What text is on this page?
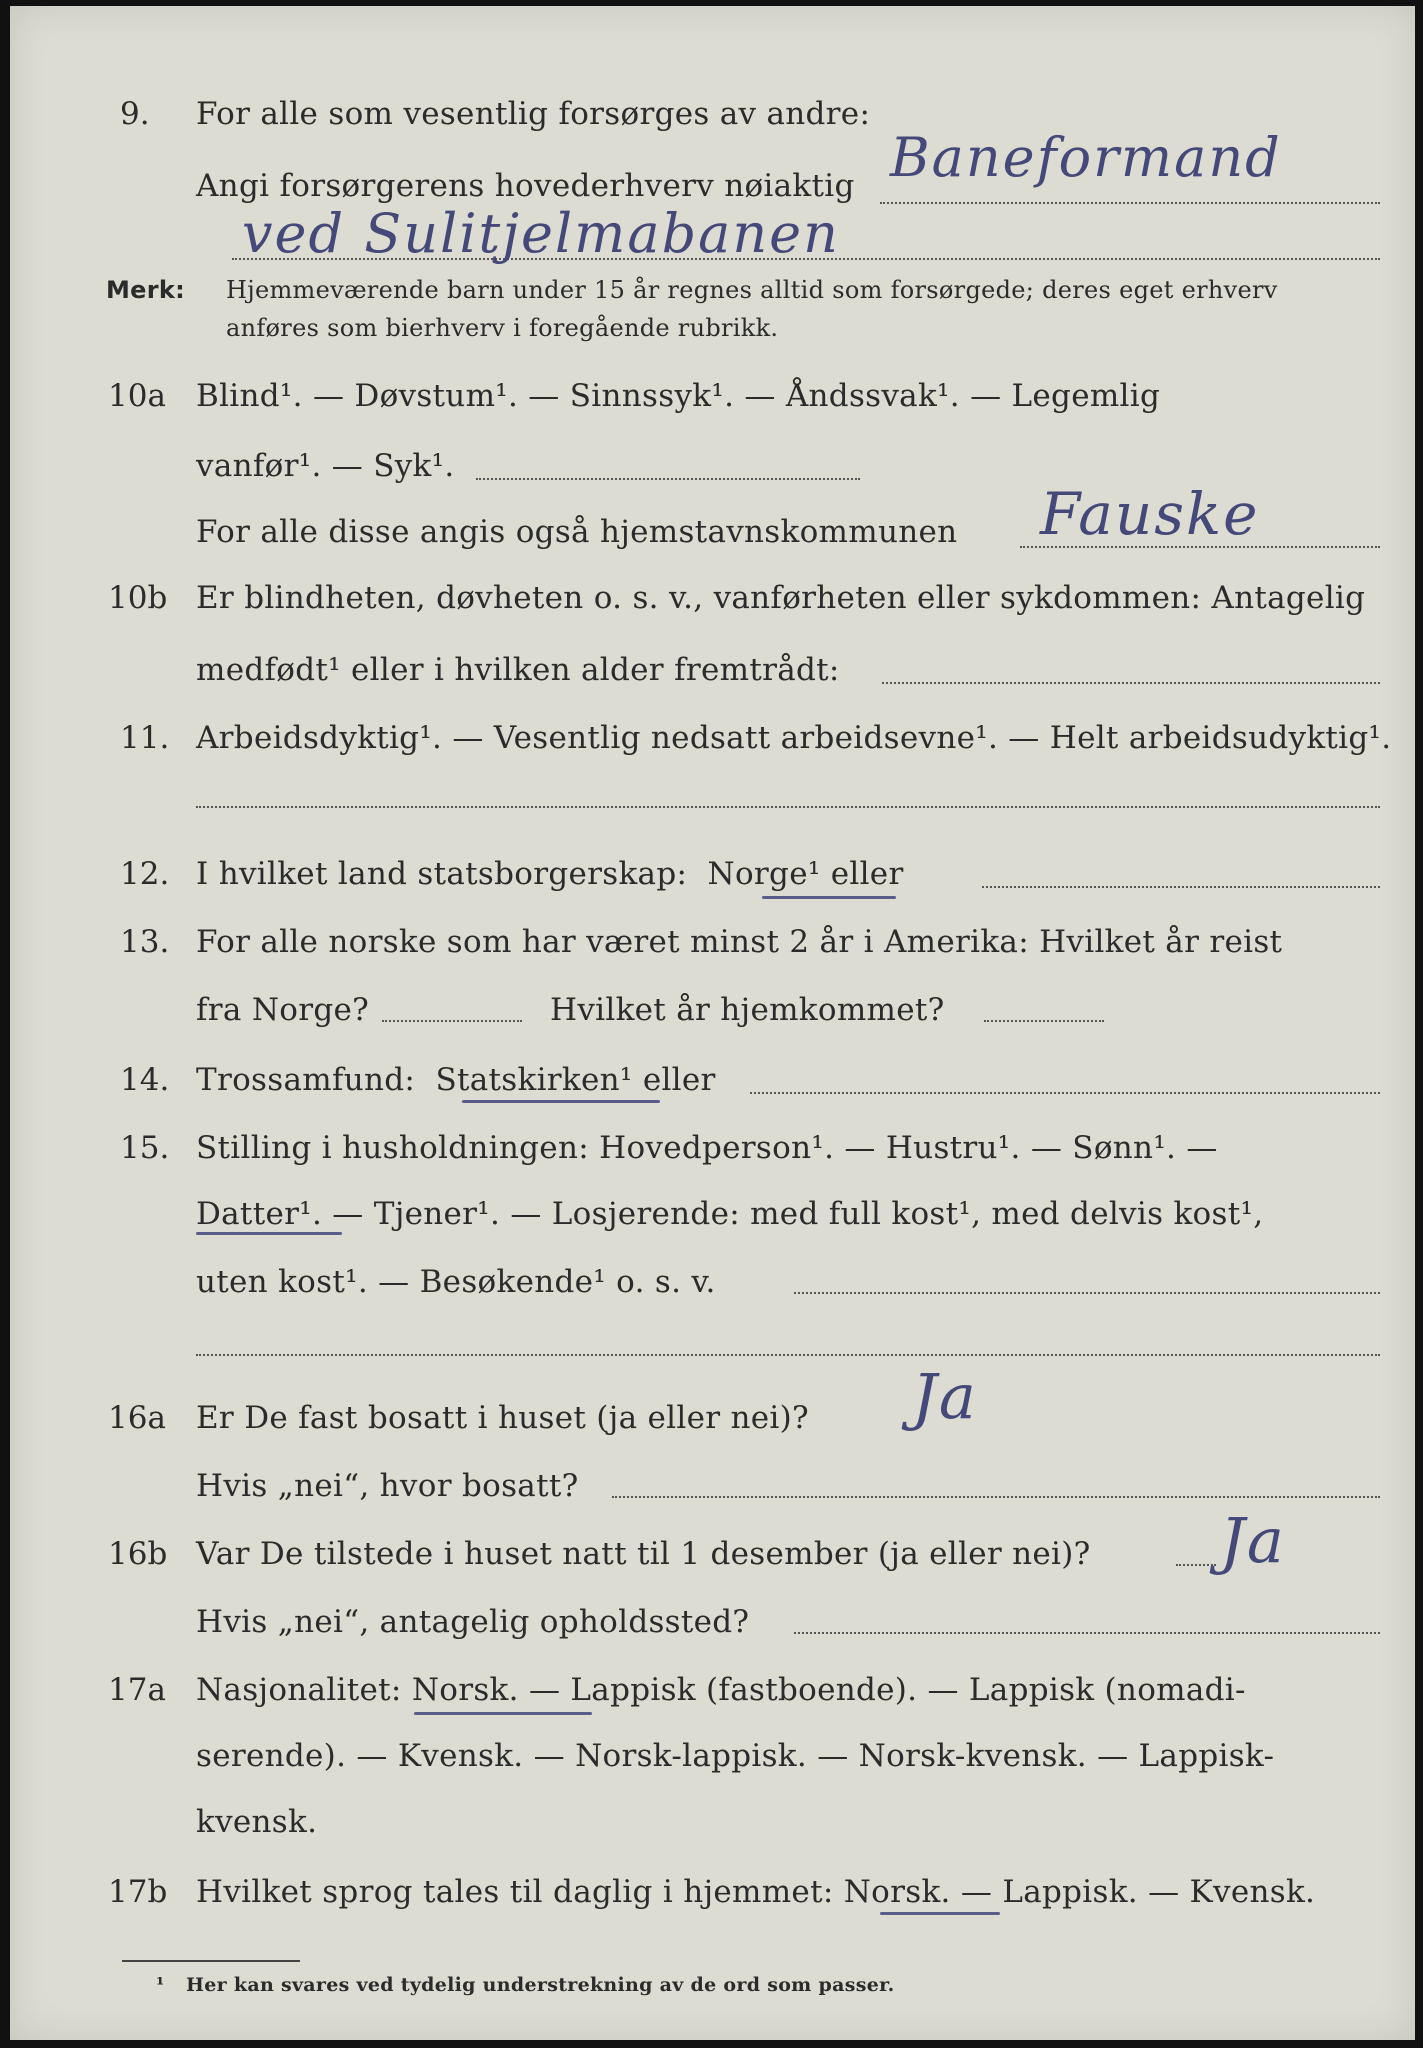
9. For alle som vesentlig forsørges av andre:
Angi forsørgerens hovederhverv nøiaktig Baneformand
ved Sulitjelmabanen
Merk: Hjemmeværende barn under 15 år regnes alltid som forsørgede; deres eget erhverv
anføres som bierhverv i foregående rubrikk.
10a Blind¹. — Døvstum¹. — Sinnssyk¹. — Åndssvak¹. — Legemlig
vanfør¹. — Syk¹.
For alle disse angis også hjemstavnskommunen Fauske
10b Er blindheten, døvheten o. s. v., vanførheten eller sykdommen: Antagelig
medfødt¹ eller i hvilken alder fremtrådt:
11. Arbeidsdyktig¹. — Vesentlig nedsatt arbeidsevne¹. — Helt arbeidsudyktig¹.
12. I hvilket land statsborgerskap: Norge¹ eller
13. For alle norske som har været minst 2 år i Amerika: Hvilket år reist
fra Norge?	Hvilket år hjemkommet?
14. Trossamfund: Statskirken¹ eller
15. Stilling i husholdningen: Hovedperson¹. — Hustru¹. — Sønn¹. —
Datter¹. — Tjener¹. — Losjerende: med full kost¹, med delvis kost¹,
uten kost¹. — Besøkende¹ o. s. v.
16a Er De fast bosatt i huset (ja eller nei)? Ja
Hvis „nei“, hvor bosatt?
16b Var De tilstede i huset natt til 1 desember (ja eller nei)? Ja
Hvis „nei“, antagelig opholdssted?
17a Nasjonalitet: Norsk. — Lappisk (fastboende). — Lappisk (nomadi-
serende). — Kvensk. — Norsk-lappisk. — Norsk-kvensk. — Lappisk-
kvensk.
17b Hvilket sprog tales til daglig i hjemmet: Norsk. — Lappisk. — Kvensk.
¹ Her kan svares ved tydelig understrekning av de ord som passer.
